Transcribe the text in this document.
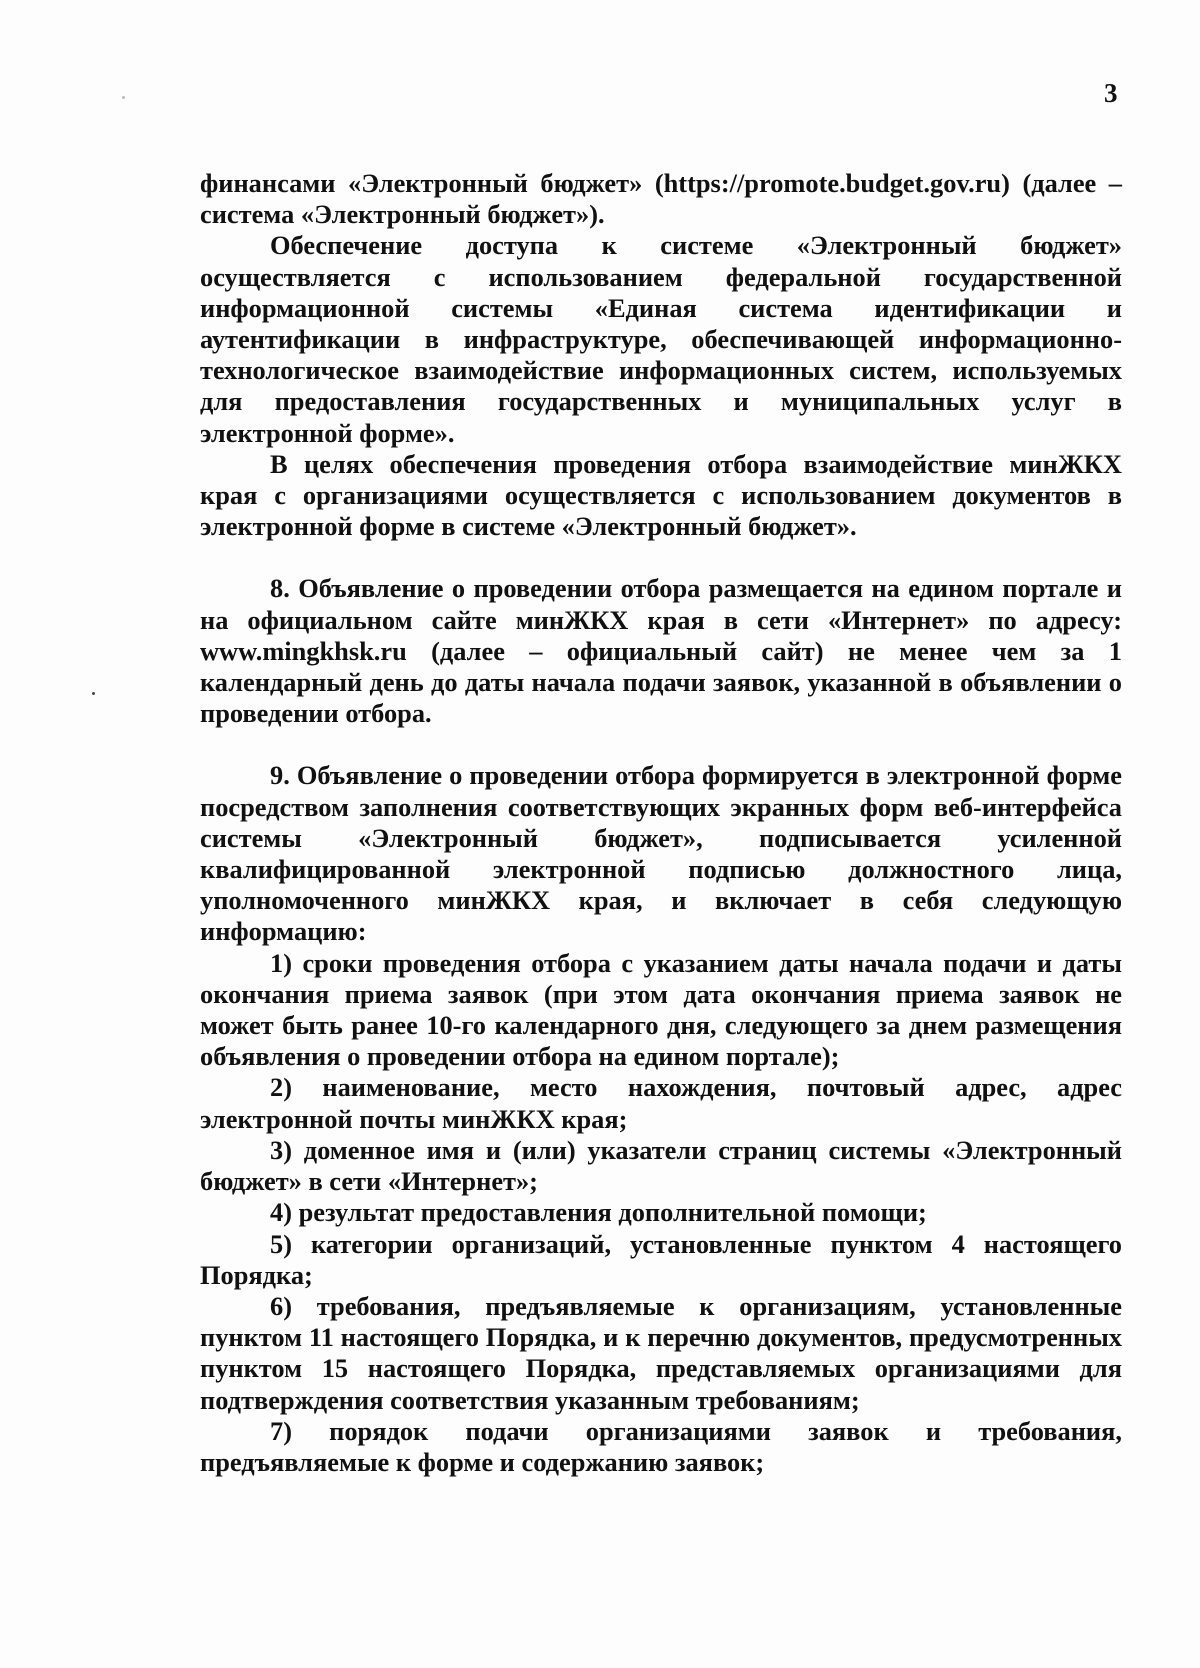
3

финансами «Электронный бюджет» (https://promote.budget.gov.ru) (далее – система «Электронный бюджет»).

Обеспечение доступа к системе «Электронный бюджет» осуществляется с использованием федеральной государственной информационной системы «Единая система идентификации и аутентификации в инфраструктуре, обеспечивающей информационно-технологическое взаимодействие информационных систем, используемых для предоставления государственных и муниципальных услуг в электронной форме».

В целях обеспечения проведения отбора взаимодействие минЖКХ края с организациями осуществляется с использованием документов в электронной форме в системе «Электронный бюджет».

8. Объявление о проведении отбора размещается на едином портале и на официальном сайте минЖКХ края в сети «Интернет» по адресу: www.mingkhsk.ru (далее – официальный сайт) не менее чем за 1 календарный день до даты начала подачи заявок, указанной в объявлении о проведении отбора.

9. Объявление о проведении отбора формируется в электронной форме посредством заполнения соответствующих экранных форм веб-интерфейса системы «Электронный бюджет», подписывается усиленной квалифицированной электронной подписью должностного лица, уполномоченного минЖКХ края, и включает в себя следующую информацию:

1) сроки проведения отбора с указанием даты начала подачи и даты окончания приема заявок (при этом дата окончания приема заявок не может быть ранее 10-го календарного дня, следующего за днем размещения объявления о проведении отбора на едином портале);

2) наименование, место нахождения, почтовый адрес, адрес электронной почты минЖКХ края;

3) доменное имя и (или) указатели страниц системы «Электронный бюджет» в сети «Интернет»;

4) результат предоставления дополнительной помощи;

5) категории организаций, установленные пунктом 4 настоящего Порядка;

6) требования, предъявляемые к организациям, установленные пунктом 11 настоящего Порядка, и к перечню документов, предусмотренных пунктом 15 настоящего Порядка, представляемых организациями для подтверждения соответствия указанным требованиям;

7) порядок подачи организациями заявок и требования, предъявляемые к форме и содержанию заявок;
